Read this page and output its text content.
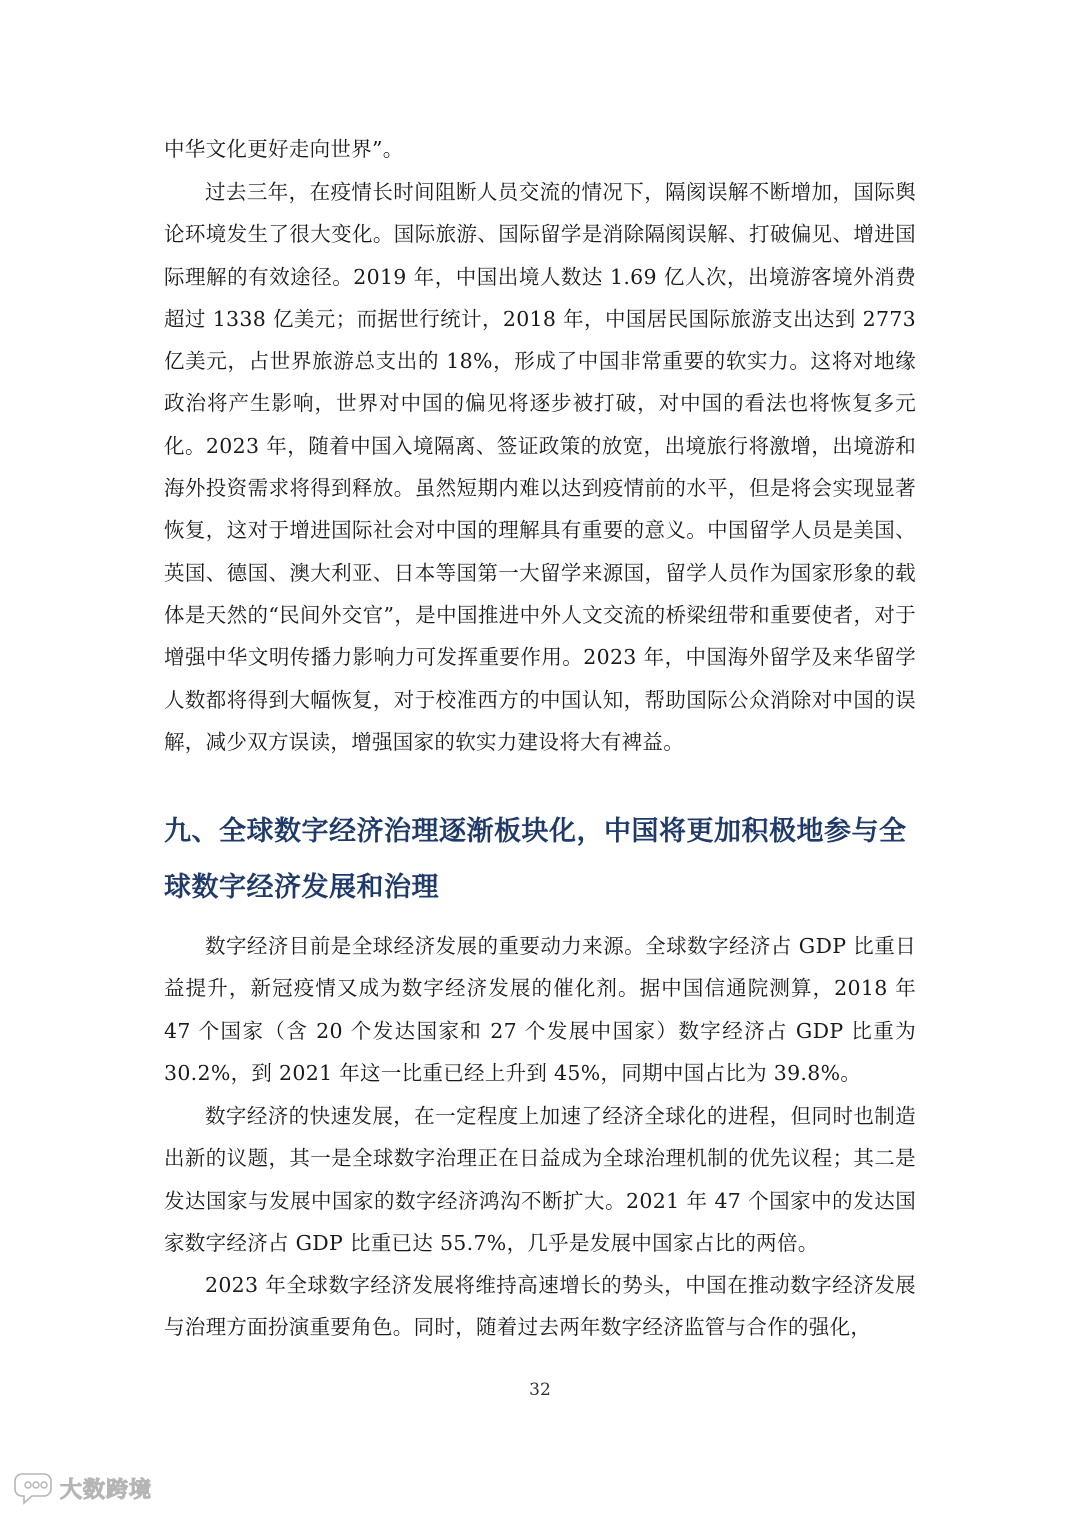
中华文化更好走向世界”。

过去三年，在疫情长时间阻断人员交流的情况下，隔阂误解不断增加，国际舆论环境发生了很大变化。国际旅游、国际留学是消除隔阂误解、打破偏见、增进国际理解的有效途径。2019 年，中国出境人数达 1.69 亿人次，出境游客境外消费超过 1338 亿美元；而据世行统计，2018 年，中国居民国际旅游支出达到 2773 亿美元，占世界旅游总支出的 18%，形成了中国非常重要的软实力。这将对地缘政治将产生影响，世界对中国的偏见将逐步被打破，对中国的看法也将恢复多元化。2023 年，随着中国入境隔离、签证政策的放宽，出境旅行将激增，出境游和海外投资需求将得到释放。虽然短期内难以达到疫情前的水平，但是将会实现显著恢复，这对于增进国际社会对中国的理解具有重要的意义。中国留学人员是美国、英国、德国、澳大利亚、日本等国第一大留学来源国，留学人员作为国家形象的载体是天然的“民间外交官”，是中国推进中外人文交流的桥梁纽带和重要使者，对于增强中华文明传播力影响力可发挥重要作用。2023 年，中国海外留学及来华留学人数都将得到大幅恢复，对于校准西方的中国认知，帮助国际公众消除对中国的误解，减少双方误读，增强国家的软实力建设将大有裨益。

九、全球数字经济治理逐渐板块化，中国将更加积极地参与全球数字经济发展和治理

数字经济目前是全球经济发展的重要动力来源。全球数字经济占 GDP 比重日益提升，新冠疫情又成为数字经济发展的催化剂。据中国信通院测算，2018 年 47 个国家（含 20 个发达国家和 27 个发展中国家）数字经济占 GDP 比重为 30.2%，到 2021 年这一比重已经上升到 45%，同期中国占比为 39.8%。

数字经济的快速发展，在一定程度上加速了经济全球化的进程，但同时也制造出新的议题，其一是全球数字治理正在日益成为全球治理机制的优先议程；其二是发达国家与发展中国家的数字经济鸿沟不断扩大。2021 年 47 个国家中的发达国家数字经济占 GDP 比重已达 55.7%，几乎是发展中国家占比的两倍。

2023 年全球数字经济发展将维持高速增长的势头，中国在推动数字经济发展与治理方面扮演重要角色。同时，随着过去两年数字经济监管与合作的强化，

32
大数跨境
